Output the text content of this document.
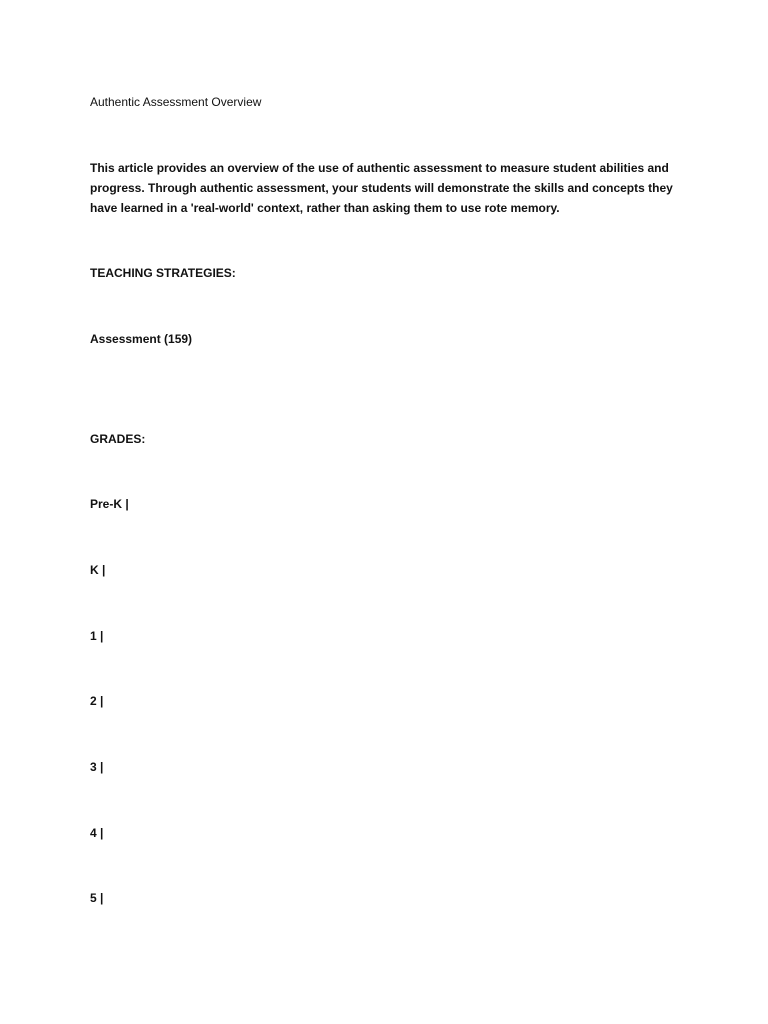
Authentic Assessment Overview
This article provides an overview of the use of authentic assessment to measure student abilities and
progress. Through authentic assessment, your students will demonstrate the skills and concepts they
have learned in a 'real-world' context, rather than asking them to use rote memory.
TEACHING STRATEGIES:
Assessment (159)
GRADES:
Pre-K |
K |
1 |
2 |
3 |
4 |
5 |
